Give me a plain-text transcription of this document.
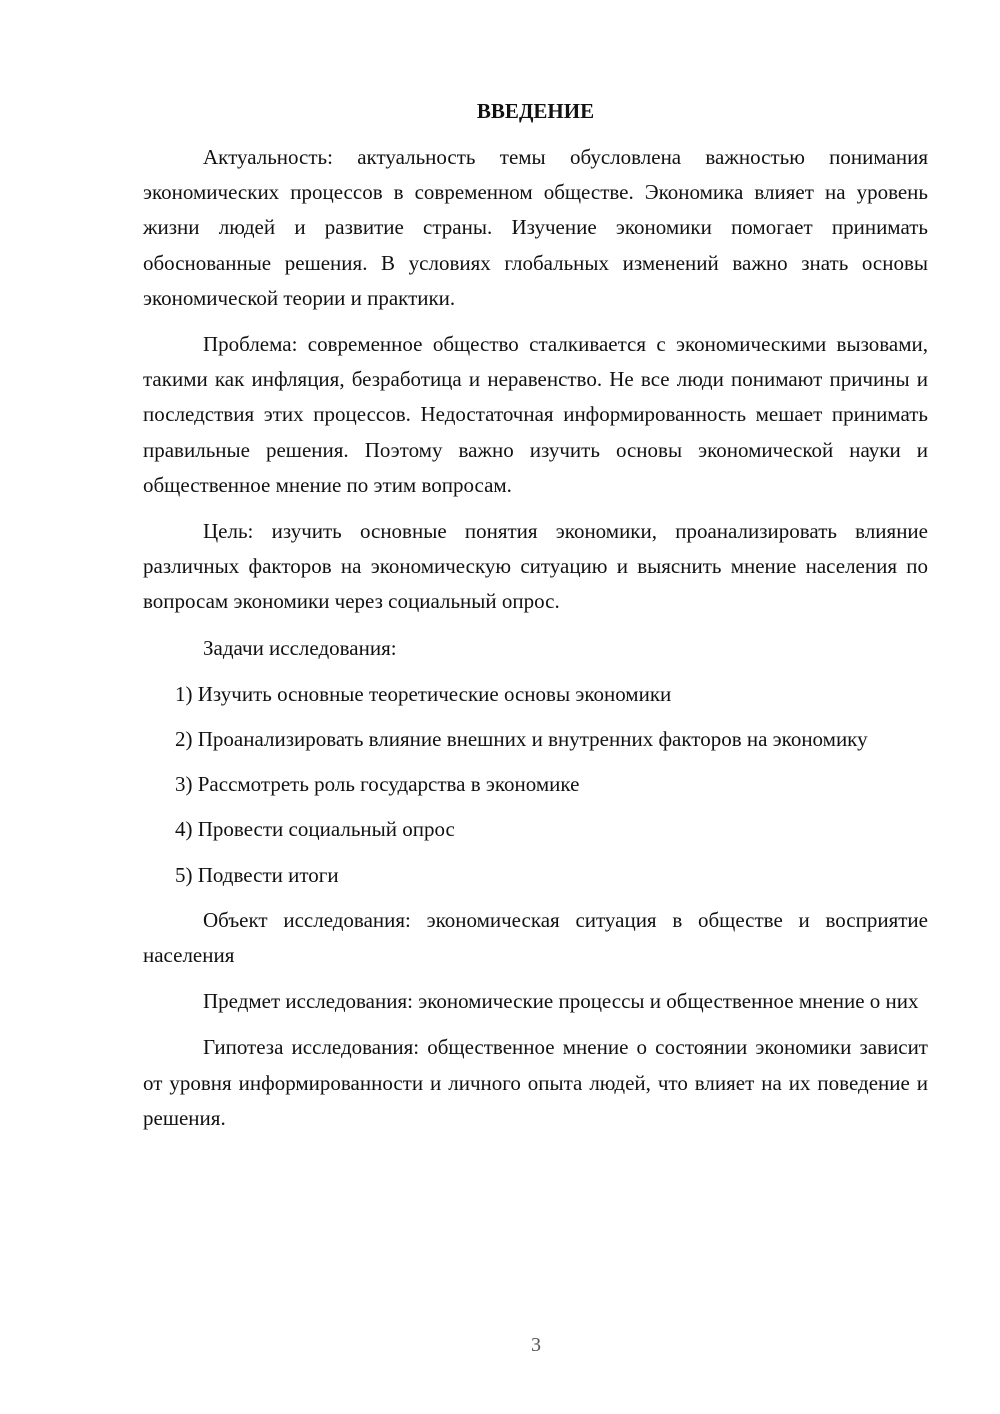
ВВЕДЕНИЕ

Актуальность: актуальность темы обусловлена важностью понимания экономических процессов в современном обществе. Экономика влияет на уровень жизни людей и развитие страны. Изучение экономики помогает принимать обоснованные решения. В условиях глобальных изменений важно знать основы экономической теории и практики.

Проблема: современное общество сталкивается с экономическими вызовами, такими как инфляция, безработица и неравенство. Не все люди понимают причины и последствия этих процессов. Недостаточная информированность мешает принимать правильные решения. Поэтому важно изучить основы экономической науки и общественное мнение по этим вопросам.

Цель: изучить основные понятия экономики, проанализировать влияние различных факторов на экономическую ситуацию и выяснить мнение населения по вопросам экономики через социальный опрос.

Задачи исследования:

1) Изучить основные теоретические основы экономики

2) Проанализировать влияние внешних и внутренних факторов на экономику

3) Рассмотреть роль государства в экономике

4) Провести социальный опрос

5) Подвести итоги

Объект исследования: экономическая ситуация в обществе и восприятие населения

Предмет исследования: экономические процессы и общественное мнение о них

Гипотеза исследования: общественное мнение о состоянии экономики зависит от уровня информированности и личного опыта людей, что влияет на их поведение и решения.

3
